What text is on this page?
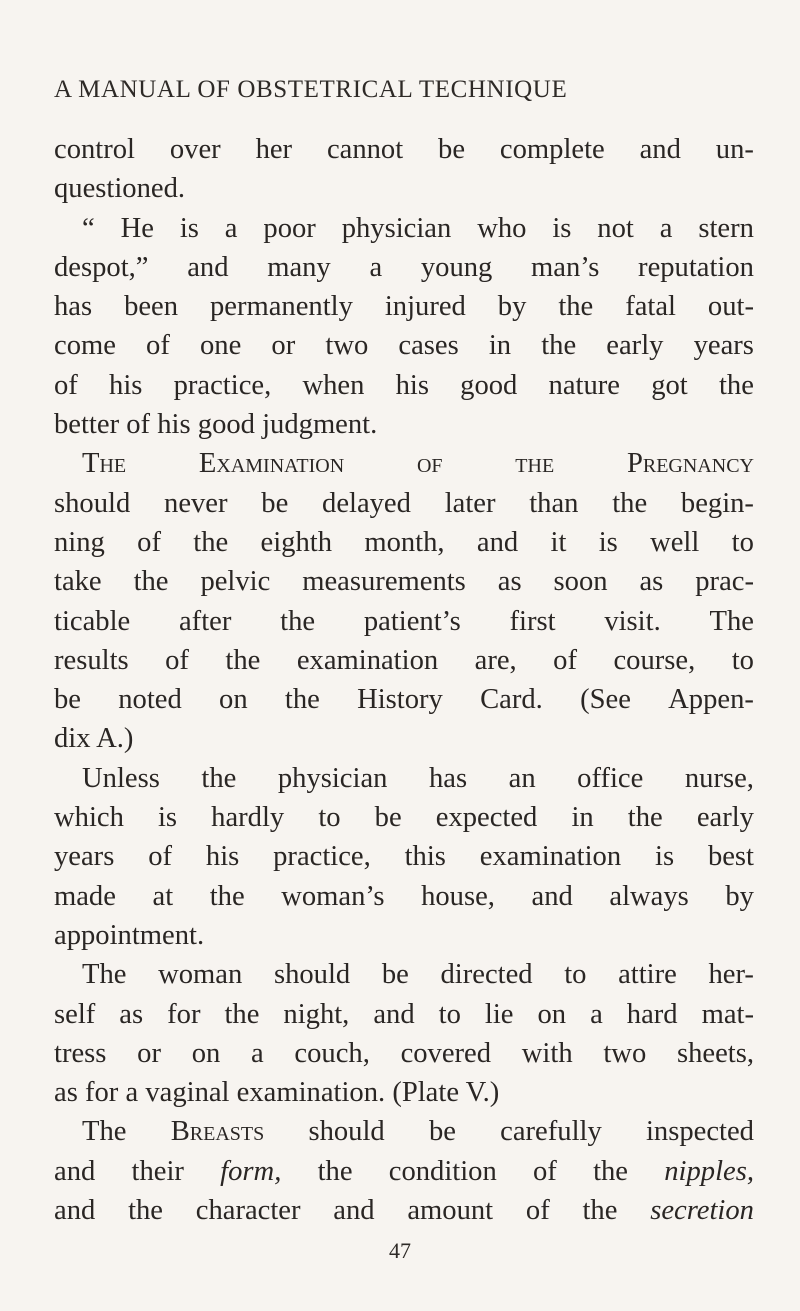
A MANUAL OF OBSTETRICAL TECHNIQUE
control over her cannot be complete and un-
questioned.
“ He is a poor physician who is not a stern
despot,” and many a young man’s reputation
has been permanently injured by the fatal out-
come of one or two cases in the early years
of his practice, when his good nature got the
better of his good judgment.
The	Examination	of	the	Pregnancy
should never be delayed later than the begin-
ning of the eighth month, and it is well to
take the pelvic measurements as soon as prac-
ticable after the patient’s first visit. The
results of the examination are, of course, to
be noted on the History Card. (See Appen-
dix A.)
Unless the physician has an office nurse,
which is hardly to be expected in the early
years of his practice, this examination is best
made at the woman’s house, and always by
appointment.
The woman should be directed to attire her-
self as for the night, and to lie on a hard mat-
tress or on a couch, covered with two sheets,
as for a vaginal examination. (Plate V.)
The Breasts should be carefully inspected
and their form, the condition of the nipples,
and the character and amount of the secretion
47
